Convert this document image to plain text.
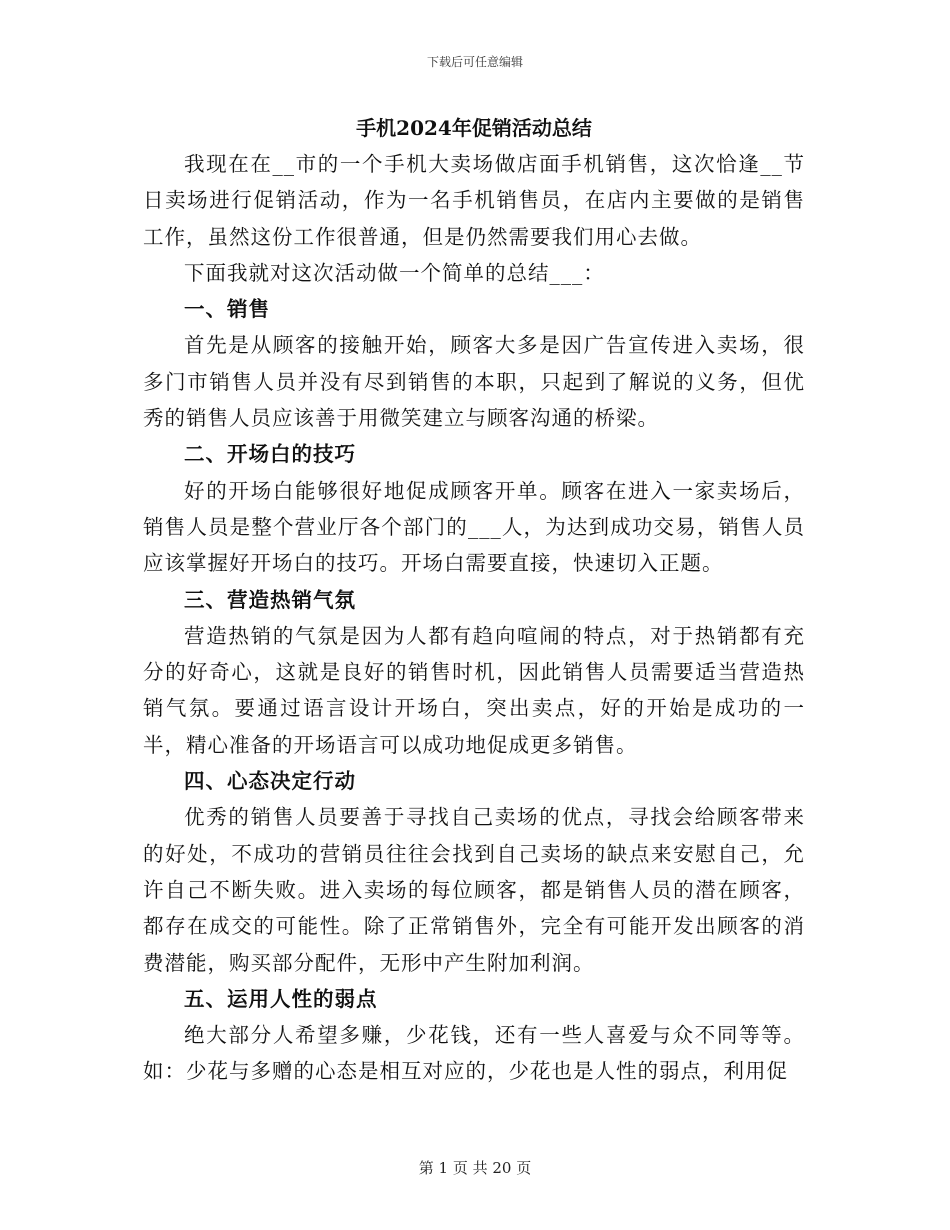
下载后可任意编辑
手机2024年促销活动总结

我现在在__市的一个手机大卖场做店面手机销售，这次恰逢__节日卖场进行促销活动，作为一名手机销售员，在店内主要做的是销售工作，虽然这份工作很普通，但是仍然需要我们用心去做。

下面我就对这次活动做一个简单的总结___：

一、销售

首先是从顾客的接触开始，顾客大多是因广告宣传进入卖场，很多门市销售人员并没有尽到销售的本职，只起到了解说的义务，但优秀的销售人员应该善于用微笑建立与顾客沟通的桥梁。

二、开场白的技巧

好的开场白能够很好地促成顾客开单。顾客在进入一家卖场后，销售人员是整个营业厅各个部门的___人，为达到成功交易，销售人员应该掌握好开场白的技巧。开场白需要直接，快速切入正题。

三、营造热销气氛

营造热销的气氛是因为人都有趋向喧闹的特点，对于热销都有充分的好奇心，这就是良好的销售时机，因此销售人员需要适当营造热销气氛。要通过语言设计开场白，突出卖点，好的开始是成功的一半，精心准备的开场语言可以成功地促成更多销售。

四、心态决定行动

优秀的销售人员要善于寻找自己卖场的优点，寻找会给顾客带来的好处，不成功的营销员往往会找到自己卖场的缺点来安慰自己，允许自己不断失败。进入卖场的每位顾客，都是销售人员的潜在顾客，都存在成交的可能性。除了正常销售外，完全有可能开发出顾客的消费潜能，购买部分配件，无形中产生附加利润。

五、运用人性的弱点

绝大部分人希望多赚，少花钱，还有一些人喜爱与众不同等等。如：少花与多赠的心态是相互对应的，少花也是人性的弱点，利用促

第 1 页 共 20 页
